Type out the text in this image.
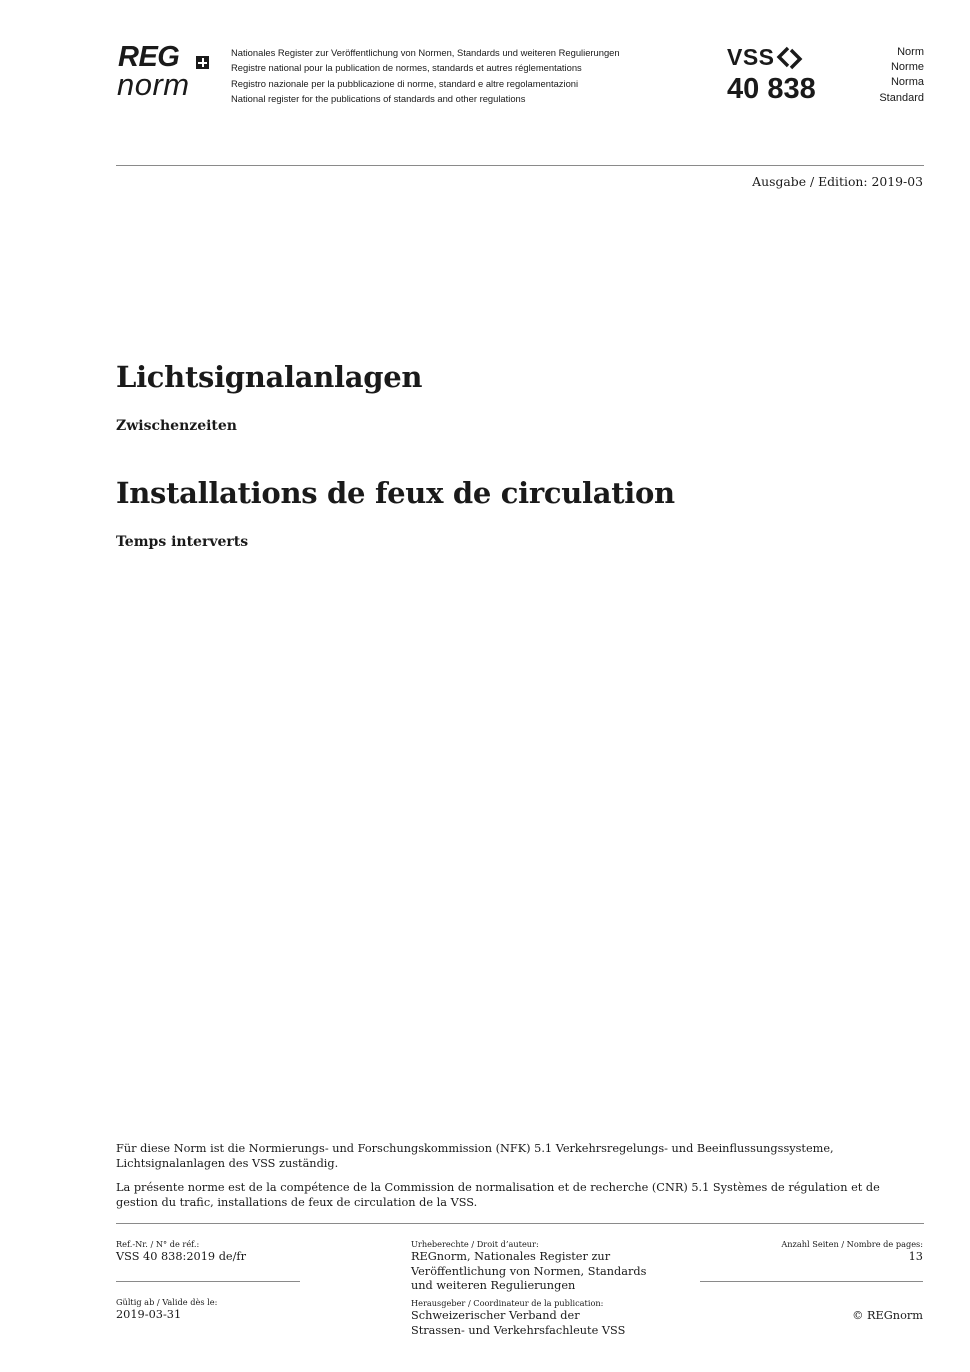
REG
norm
Nationales Register zur Veröffentlichung von Normen, Standards und weiteren Regulierungen
Registre national pour la publication de normes, standards et autres réglementations
Registro nazionale per la pubblicazione di norme, standard e altre regolamentazioni
National register for the publications of standards and other regulations
VSS
40 838
Norm
Norme
Norma
Standard
Ausgabe / Edition: 2019-03
Lichtsignalanlagen
Zwischenzeiten
Installations de feux de circulation
Temps interverts

Für diese Norm ist die Normierungs- und Forschungskommission (NFK) 5.1 Verkehrsregelungs- und Beeinflussungssysteme, Lichtsignalanlagen des VSS zuständig.

La présente norme est de la compétence de la Commission de normalisation et de recherche (CNR) 5.1 Systèmes de régulation et de gestion du trafic, installations de feux de circulation de la VSS.

Ref.-Nr. / N° de réf.:
VSS 40 838:2019 de/fr
Gültig ab / Valide dès le:
2019-03-31
Urheberechte / Droit d’auteur:
REGnorm, Nationales Register zur
Veröffentlichung von Normen, Standards
und weiteren Regulierungen
Herausgeber / Coordinateur de la publication:
Schweizerischer Verband der
Strassen- und Verkehrsfachleute VSS
Anzahl Seiten / Nombre de pages:
13
© REGnorm
